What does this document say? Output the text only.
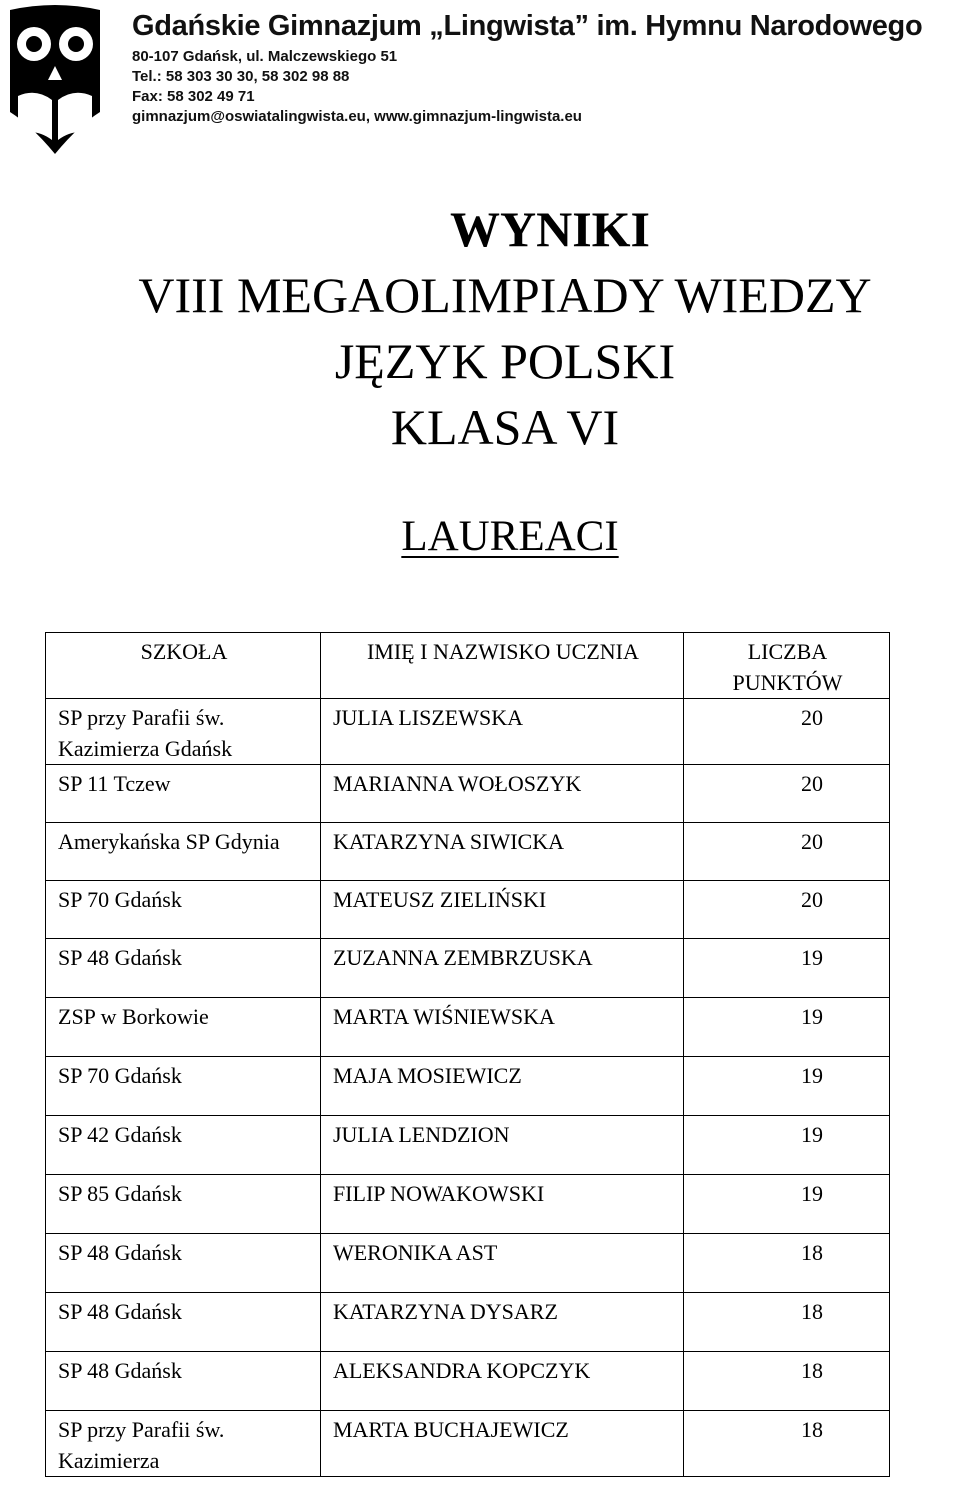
Gdańskie Gimnazjum „Lingwista” im. Hymnu Narodowego

80-107 Gdańsk, ul. Malczewskiego 51

Tel.: 58 303 30 30, 58 302 98 88

Fax: 58 302 49 71

gimnazjum@oswiatalingwista.eu, www.gimnazjum-lingwista.eu

WYNIKI

VIII MEGAOLIMPIADY WIEDZY

JĘZYK POLSKI

KLASA VI

LAUREACI
SZKOŁA	IMIĘ I NAZWISKO UCZNIA	LICZBA PUNKTÓW
SP przy Parafii św. Kazimierza Gdańsk	JULIA LISZEWSKA	20
SP 11 Tczew	MARIANNA WOŁOSZYK	20
Amerykańska SP Gdynia	KATARZYNA SIWICKA	20
SP 70 Gdańsk	MATEUSZ ZIELIŃSKI	20
SP 48 Gdańsk	ZUZANNA ZEMBRZUSKA	19
ZSP w Borkowie	MARTA WIŚNIEWSKA	19
SP 70 Gdańsk	MAJA MOSIEWICZ	19
SP 42 Gdańsk	JULIA LENDZION	19
SP 85 Gdańsk	FILIP NOWAKOWSKI	19
SP 48 Gdańsk	WERONIKA AST	18
SP 48 Gdańsk	KATARZYNA DYSARZ	18
SP 48 Gdańsk	ALEKSANDRA KOPCZYK	18
SP przy Parafii św. Kazimierza	MARTA BUCHAJEWICZ	18
